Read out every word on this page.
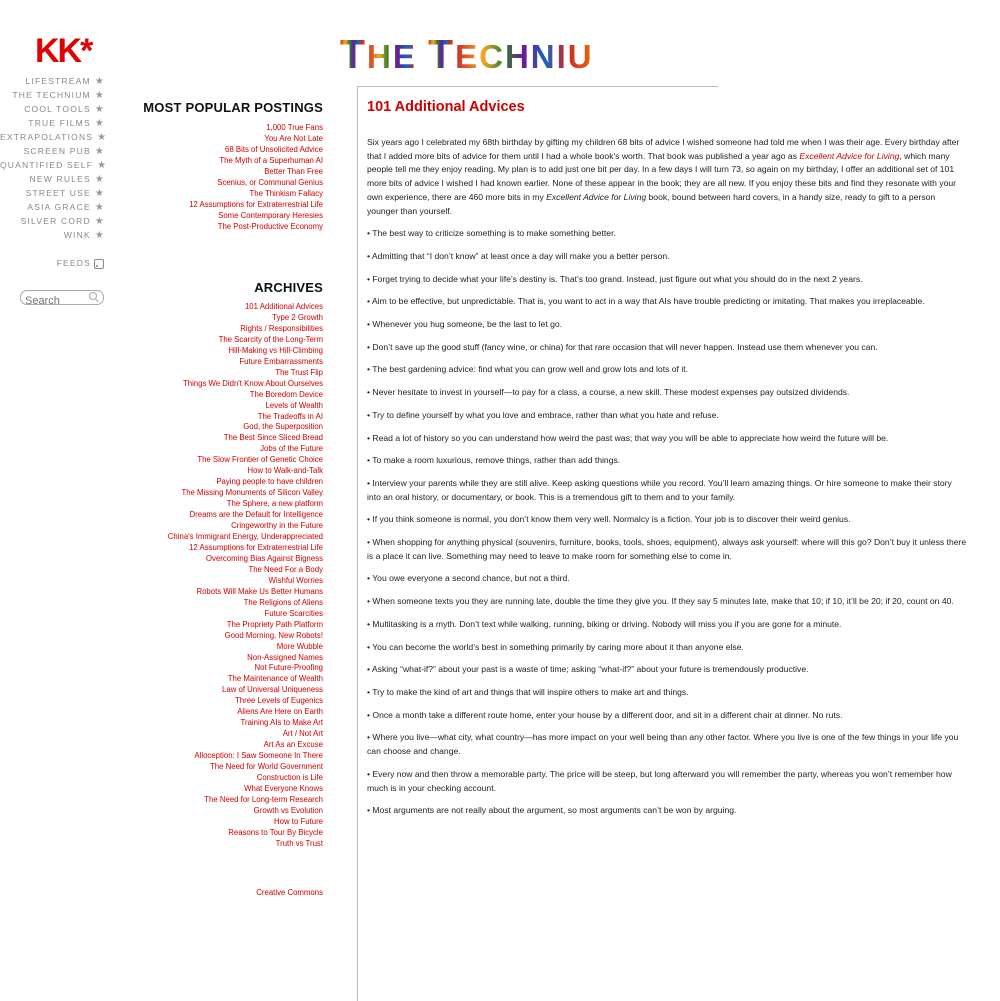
KK*
LIFESTREAM ★
THE TECHNIUM ★
COOL TOOLS ★
TRUE FILMS ★
EXTRAPOLATIONS ★
SCREEN PUB ★
QUANTIFIED SELF ★
NEW RULES ★
STREET USE ★
ASIA GRACE ★
SILVER CORD ★
WINK ★
FEEDS
Search
MOST POPULAR POSTINGS
1,000 True Fans
You Are Not Late
68 Bits of Unsolicited Advice
The Myth of a Superhuman AI
Better Than Free
Scenius, or Communal Genius
The Thinkism Fallacy
12 Assumptions for Extraterrestrial Life
Some Contemporary Heresies
The Post-Productive Economy
ARCHIVES
101 Additional Advices
Type 2 Growth
Rights / Responsibilities
The Scarcity of the Long-Term
Hill-Making vs Hill-Climbing
Future Embarrassments
The Trust Flip
Things We Didn't Know About Ourselves
The Boredom Device
Levels of Wealth
The Tradeoffs in AI
God, the Superposition
The Best Since Sliced Bread
Jobs of the Future
The Slow Frontier of Genetic Choice
How to Walk-and-Talk
Paying people to have children
The Missing Monuments of Silicon Valley
The Sphere, a new platform
Dreams are the Default for Intelligence
Cringeworthy in the Future
China's Immigrant Energy, Underappreciated
12 Assumptions for Extraterrestrial Life
Overcoming Bias Against Bigness
The Need For a Body
Wishful Worries
Robots Will Make Us Better Humans
The Religions of Aliens
Future Scarcities
The Propriety Path Platform
Good Morning, New Robots!
More Wubble
Non-Assigned Names
Not Future-Proofing
The Maintenance of Wealth
Law of Universal Uniqueness
Three Levels of Eugenics
Aliens Are Here on Earth
Training AIs to Make Art
Art / Not Art
Art As an Excuse
Alloception: I Saw Someone In There
The Need for World Government
Construction is Life
What Everyone Knows
The Need for Long-term Research
Growth vs Evolution
How to Future
Reasons to Tour By Bicycle
Truth vs Trust
Creative Commons
THE TECHNIU
101 Additional Advices

Six years ago I celebrated my 68th birthday by gifting my children 68 bits of advice I wished someone had told me when I was their age. Every birthday after that I added more bits of advice for them until I had a whole book's worth. That book was published a year ago as Excellent Advice for Living, which many people tell me they enjoy reading. My plan is to add just one bit per day. In a few days I will turn 73, so again on my birthday, I offer an additional set of 101 more bits of advice I wished I had known earlier. None of these appear in the book; they are all new. If you enjoy these bits and find they resonate with your own experience, there are 460 more bits in my Excellent Advice for Living book, bound between hard covers, in a handy size, ready to gift to a person younger than yourself.

• The best way to criticize something is to make something better.

• Admitting that “I don’t know” at least once a day will make you a better person.

• Forget trying to decide what your life’s destiny is. That’s too grand. Instead, just figure out what you should do in the next 2 years.

• Aim to be effective, but unpredictable. That is, you want to act in a way that AIs have trouble predicting or imitating. That makes you irreplaceable.

• Whenever you hug someone, be the last to let go.

• Don’t save up the good stuff (fancy wine, or china) for that rare occasion that will never happen. Instead use them whenever you can.

• The best gardening advice: find what you can grow well and grow lots and lots of it.

• Never hesitate to invest in yourself—to pay for a class, a course, a new skill. These modest expenses pay outsized dividends.

• Try to define yourself by what you love and embrace, rather than what you hate and refuse.

• Read a lot of history so you can understand how weird the past was; that way you will be able to appreciate how weird the future will be.

• To make a room luxurious, remove things, rather than add things.

• Interview your parents while they are still alive. Keep asking questions while you record. You’ll learn amazing things. Or hire someone to make their story into an oral history, or documentary, or book. This is a tremendous gift to them and to your family.

• If you think someone is normal, you don’t know them very well. Normalcy is a fiction. Your job is to discover their weird genius.

• When shopping for anything physical (souvenirs, furniture, books, tools, shoes, equipment), always ask yourself: where will this go? Don’t buy it unless there is a place it can live. Something may need to leave to make room for something else to come in.

• You owe everyone a second chance, but not a third.

• When someone texts you they are running late, double the time they give you. If they say 5 minutes late, make that 10; if 10, it’ll be 20; if 20, count on 40.

• Multitasking is a myth. Don’t text while walking, running, biking or driving. Nobody will miss you if you are gone for a minute.

• You can become the world’s best in something primarily by caring more about it than anyone else.

• Asking “what-if?” about your past is a waste of time; asking “what-if?” about your future is tremendously productive.

• Try to make the kind of art and things that will inspire others to make art and things.

• Once a month take a different route home, enter your house by a different door, and sit in a different chair at dinner. No ruts.

• Where you live—what city, what country—has more impact on your well being than any other factor. Where you live is one of the few things in your life you can choose and change.

• Every now and then throw a memorable party. The price will be steep, but long afterward you will remember the party, whereas you won’t remember how much is in your checking account.

• Most arguments are not really about the argument, so most arguments can’t be won by arguing.
